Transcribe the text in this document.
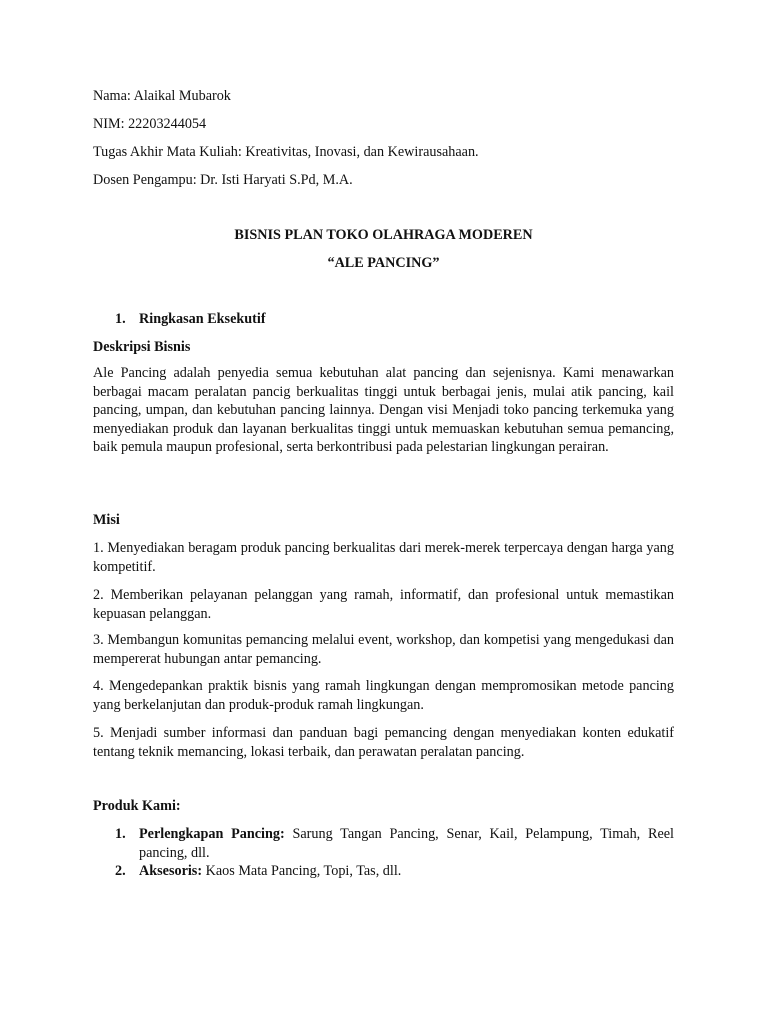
Nama: Alaikal Mubarok
NIM: 22203244054
Tugas Akhir Mata Kuliah: Kreativitas, Inovasi, dan Kewirausahaan.
Dosen Pengampu: Dr. Isti Haryati S.Pd, M.A.
BISNIS PLAN TOKO OLAHRAGA MODEREN
“ALE PANCING”
1. Ringkasan Eksekutif
Deskripsi Bisnis
Ale Pancing adalah penyedia semua kebutuhan alat pancing dan sejenisnya. Kami menawarkan berbagai macam peralatan pancig berkualitas tinggi untuk berbagai jenis, mulai atik pancing, kail pancing, umpan, dan kebutuhan pancing lainnya. Dengan visi Menjadi toko pancing terkemuka yang menyediakan produk dan layanan berkualitas tinggi untuk memuaskan kebutuhan semua pemancing, baik pemula maupun profesional, serta berkontribusi pada pelestarian lingkungan perairan.
Misi
1. Menyediakan beragam produk pancing berkualitas dari merek-merek terpercaya dengan harga yang kompetitif.
2. Memberikan pelayanan pelanggan yang ramah, informatif, dan profesional untuk memastikan kepuasan pelanggan.
3. Membangun komunitas pemancing melalui event, workshop, dan kompetisi yang mengedukasi dan mempererat hubungan antar pemancing.
4. Mengedepankan praktik bisnis yang ramah lingkungan dengan mempromosikan metode pancing yang berkelanjutan dan produk-produk ramah lingkungan.
5. Menjadi sumber informasi dan panduan bagi pemancing dengan menyediakan konten edukatif tentang teknik memancing, lokasi terbaik, dan perawatan peralatan pancing.
Produk Kami:
1. Perlengkapan Pancing: Sarung Tangan Pancing, Senar, Kail, Pelampung, Timah, Reel pancing, dll.
2. Aksesoris: Kaos Mata Pancing, Topi, Tas, dll.
